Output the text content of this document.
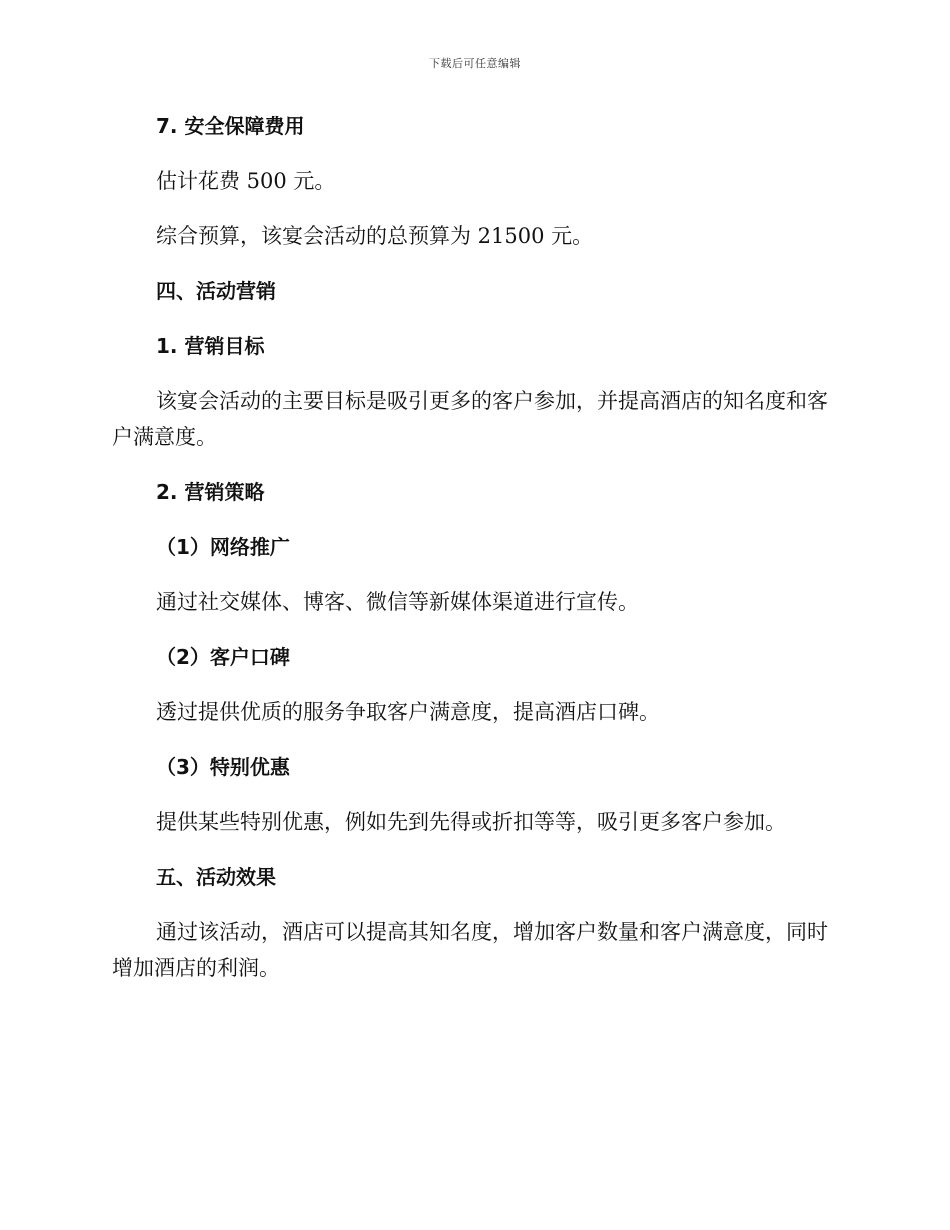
下载后可任意编辑

7. 安全保障费用

估计花费 500 元。

综合预算，该宴会活动的总预算为 21500 元。

四、活动营销

1. 营销目标

该宴会活动的主要目标是吸引更多的客户参加，并提高酒店的知名度和客户满意度。

2. 营销策略

（1）网络推广

通过社交媒体、博客、微信等新媒体渠道进行宣传。

（2）客户口碑

透过提供优质的服务争取客户满意度，提高酒店口碑。

（3）特别优惠

提供某些特别优惠，例如先到先得或折扣等等，吸引更多客户参加。

五、活动效果

通过该活动，酒店可以提高其知名度，增加客户数量和客户满意度，同时增加酒店的利润。
